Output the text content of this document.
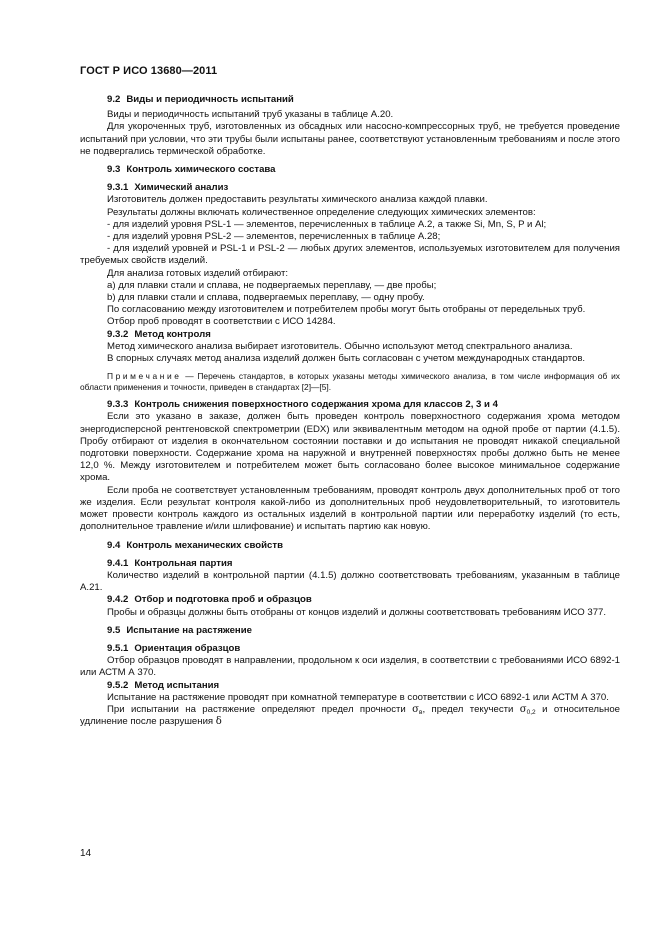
ГОСТ Р ИСО 13680—2011

9.2 Виды и периодичность испытаний

Виды и периодичность испытаний труб указаны в таблице А.20.

Для укороченных труб, изготовленных из обсадных или насосно-компрессорных труб, не требуется проведение испытаний при условии, что эти трубы были испытаны ранее, соответствуют установленным требованиям и после этого не подвергались термической обработке.

9.3 Контроль химического состава

9.3.1 Химический анализ

Изготовитель должен предоставить результаты химического анализа каждой плавки.

Результаты должны включать количественное определение следующих химических элементов:

- для изделий уровня PSL-1 — элементов, перечисленных в таблице А.2, а также Si, Mn, S, P и Al;

- для изделий уровня PSL-2 — элементов, перечисленных в таблице А.28;

- для изделий уровней и PSL-1 и PSL-2 — любых других элементов, используемых изготовителем для получения требуемых свойств изделий.

Для анализа готовых изделий отбирают:

a) для плавки стали и сплава, не подвергаемых переплаву, — две пробы;

b) для плавки стали и сплава, подвергаемых переплаву, — одну пробу.

По согласованию между изготовителем и потребителем пробы могут быть отобраны от передельных труб.

Отбор проб проводят в соответствии с ИСО 14284.

9.3.2 Метод контроля

Метод химического анализа выбирает изготовитель. Обычно используют метод спектрального анализа.

В спорных случаях метод анализа изделий должен быть согласован с учетом международных стандартов.

Примечание — Перечень стандартов, в которых указаны методы химического анализа, в том числе информация об их области применения и точности, приведен в стандартах [2]—[5].

9.3.3 Контроль снижения поверхностного содержания хрома для классов 2, 3 и 4

Если это указано в заказе, должен быть проведен контроль поверхностного содержания хрома методом энергодисперсной рентгеновской спектрометрии (EDX) или эквивалентным методом на одной пробе от партии (4.1.5). Пробу отбирают от изделия в окончательном состоянии поставки и до испытания не проводят никакой специальной подготовки поверхности. Содержание хрома на наружной и внутренней поверхностях пробы должно быть не менее 12,0 %. Между изготовителем и потребителем может быть согласовано более высокое минимальное содержание хрома.

Если проба не соответствует установленным требованиям, проводят контроль двух дополнительных проб от того же изделия. Если результат контроля какой-либо из дополнительных проб неудовлетворительный, то изготовитель может провести контроль каждого из остальных изделий в контрольной партии или переработку изделий (то есть, дополнительное травление и/или шлифование) и испытать партию как новую.

9.4 Контроль механических свойств

9.4.1 Контрольная партия

Количество изделий в контрольной партии (4.1.5) должно соответствовать требованиям, указанным в таблице А.21.

9.4.2 Отбор и подготовка проб и образцов

Пробы и образцы должны быть отобраны от концов изделий и должны соответствовать требованиям ИСО 377.

9.5 Испытание на растяжение

9.5.1 Ориентация образцов

Отбор образцов проводят в направлении, продольном к оси изделия, в соответствии с требованиями ИСО 6892-1 или АСТМ А 370.

9.5.2 Метод испытания

Испытание на растяжение проводят при комнатной температуре в соответствии с ИСО 6892-1 или АСТМ А 370.

При испытании на растяжение определяют предел прочности $\sigma_в$, предел текучести $\sigma_{0,2}$ и относительное удлинение после разрушения δ

14
